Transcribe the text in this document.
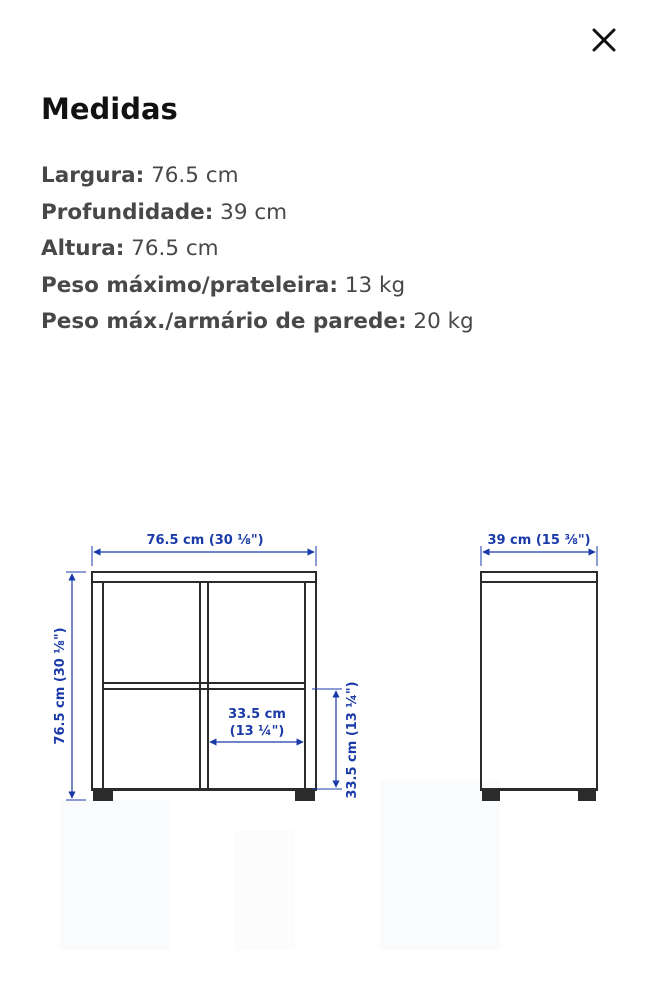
Medidas
Largura: 76.5 cm
Profundidade: 39 cm
Altura: 76.5 cm
Peso máximo/prateleira: 13 kg
Peso máx./armário de parede: 20 kg
76.5 cm (30 ⅛")
76.5 cm (30 ⅛")	33.5 cm
(13 ¼")	33.5 cm (13 ¼")
39 cm (15 ⅜")
